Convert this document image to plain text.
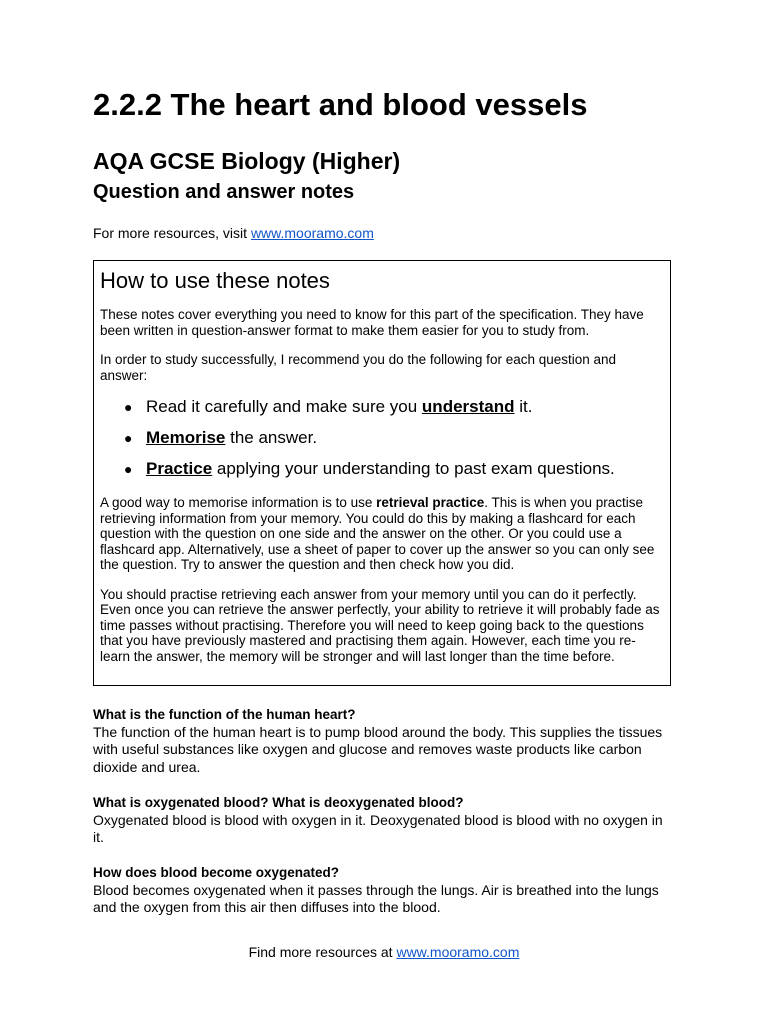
2.2.2 The heart and blood vessels
AQA GCSE Biology (Higher)
Question and answer notes
For more resources, visit www.mooramo.com
How to use these notes

These notes cover everything you need to know for this part of the specification. They have been written in question-answer format to make them easier for you to study from.

In order to study successfully, I recommend you do the following for each question and answer:

● Read it carefully and make sure you understand it.
● Memorise the answer.
● Practice applying your understanding to past exam questions.

A good way to memorise information is to use retrieval practice. This is when you practise retrieving information from your memory. You could do this by making a flashcard for each question with the question on one side and the answer on the other. Or you could use a flashcard app. Alternatively, use a sheet of paper to cover up the answer so you can only see the question. Try to answer the question and then check how you did.

You should practise retrieving each answer from your memory until you can do it perfectly. Even once you can retrieve the answer perfectly, your ability to retrieve it will probably fade as time passes without practising. Therefore you will need to keep going back to the questions that you have previously mastered and practising them again. However, each time you re-learn the answer, the memory will be stronger and will last longer than the time before.

What is the function of the human heart?
The function of the human heart is to pump blood around the body. This supplies the tissues with useful substances like oxygen and glucose and removes waste products like carbon dioxide and urea.
What is oxygenated blood? What is deoxygenated blood?
Oxygenated blood is blood with oxygen in it. Deoxygenated blood is blood with no oxygen in it.
How does blood become oxygenated?
Blood becomes oxygenated when it passes through the lungs. Air is breathed into the lungs and the oxygen from this air then diffuses into the blood.
Find more resources at www.mooramo.com
